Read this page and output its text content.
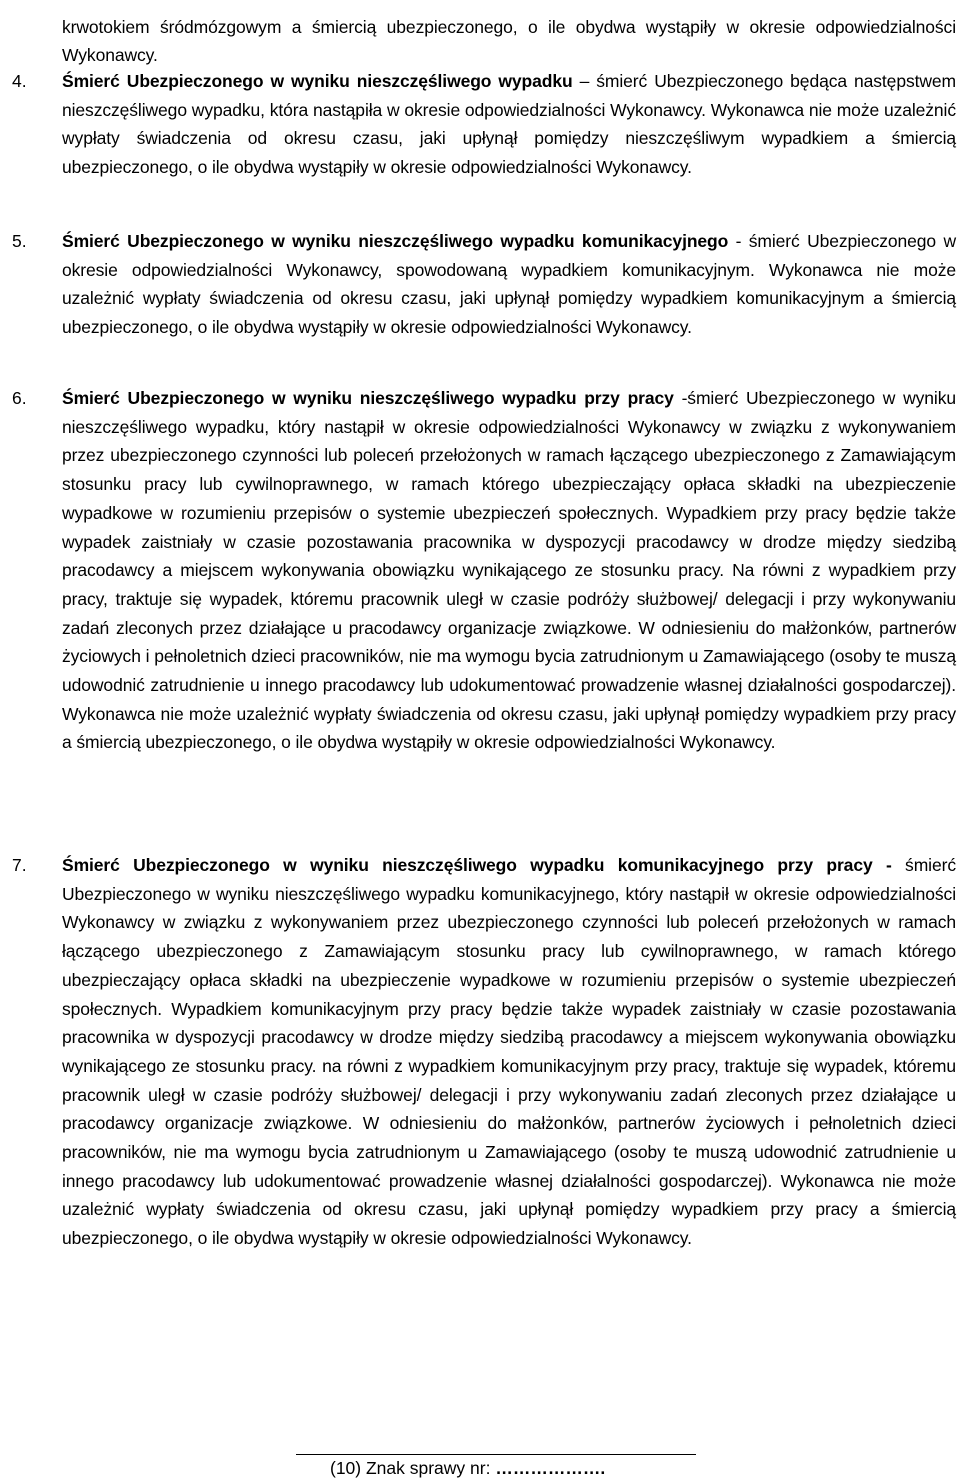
krwotokiem śródmózgowym a śmiercią ubezpieczonego, o ile obydwa wystąpiły w okresie odpowiedzialności Wykonawcy.

4. Śmierć Ubezpieczonego w wyniku nieszczęśliwego wypadku – śmierć Ubezpieczonego będąca następstwem nieszczęśliwego wypadku, która nastąpiła w okresie odpowiedzialności Wykonawcy. Wykonawca nie może uzależnić wypłaty świadczenia od okresu czasu, jaki upłynął pomiędzy nieszczęśliwym wypadkiem a śmiercią ubezpieczonego, o ile obydwa wystąpiły w okresie odpowiedzialności Wykonawcy.

5. Śmierć Ubezpieczonego w wyniku nieszczęśliwego wypadku komunikacyjnego - śmierć Ubezpieczonego w okresie odpowiedzialności Wykonawcy, spowodowaną wypadkiem komunikacyjnym. Wykonawca nie może uzależnić wypłaty świadczenia od okresu czasu, jaki upłynął pomiędzy wypadkiem komunikacyjnym a śmiercią ubezpieczonego, o ile obydwa wystąpiły w okresie odpowiedzialności Wykonawcy.

6. Śmierć Ubezpieczonego w wyniku nieszczęśliwego wypadku przy pracy -śmierć Ubezpieczonego w wyniku nieszczęśliwego wypadku, który nastąpił w okresie odpowiedzialności Wykonawcy w związku z wykonywaniem przez ubezpieczonego czynności lub poleceń przełożonych w ramach łączącego ubezpieczonego z Zamawiającym stosunku pracy lub cywilnoprawnego, w ramach którego ubezpieczający opłaca składki na ubezpieczenie wypadkowe w rozumieniu przepisów o systemie ubezpieczeń społecznych. Wypadkiem przy pracy będzie także wypadek zaistniały w czasie pozostawania pracownika w dyspozycji pracodawcy w drodze między siedzibą pracodawcy a miejscem wykonywania obowiązku wynikającego ze stosunku pracy. Na równi z wypadkiem przy pracy, traktuje się wypadek, któremu pracownik uległ w czasie podróży służbowej/ delegacji i przy wykonywaniu zadań zleconych przez działające u pracodawcy organizacje związkowe. W odniesieniu do małżonków, partnerów życiowych i pełnoletnich dzieci pracowników, nie ma wymogu bycia zatrudnionym u Zamawiającego (osoby te muszą udowodnić zatrudnienie u innego pracodawcy lub udokumentować prowadzenie własnej działalności gospodarczej). Wykonawca nie może uzależnić wypłaty świadczenia od okresu czasu, jaki upłynął pomiędzy wypadkiem przy pracy a śmiercią ubezpieczonego, o ile obydwa wystąpiły w okresie odpowiedzialności Wykonawcy.

7. Śmierć Ubezpieczonego w wyniku nieszczęśliwego wypadku komunikacyjnego przy pracy - śmierć Ubezpieczonego w wyniku nieszczęśliwego wypadku komunikacyjnego, który nastąpił w okresie odpowiedzialności Wykonawcy w związku z wykonywaniem przez ubezpieczonego czynności lub poleceń przełożonych w ramach łączącego ubezpieczonego z Zamawiającym stosunku pracy lub cywilnoprawnego, w ramach którego ubezpieczający opłaca składki na ubezpieczenie wypadkowe w rozumieniu przepisów o systemie ubezpieczeń społecznych. Wypadkiem komunikacyjnym przy pracy będzie także wypadek zaistniały w czasie pozostawania pracownika w dyspozycji pracodawcy w drodze między siedzibą pracodawcy a miejscem wykonywania obowiązku wynikającego ze stosunku pracy. na równi z wypadkiem komunikacyjnym przy pracy, traktuje się wypadek, któremu pracownik uległ w czasie podróży służbowej/ delegacji i przy wykonywaniu zadań zleconych przez działające u pracodawcy organizacje związkowe. W odniesieniu do małżonków, partnerów życiowych i pełnoletnich dzieci pracowników, nie ma wymogu bycia zatrudnionym u Zamawiającego (osoby te muszą udowodnić zatrudnienie u innego pracodawcy lub udokumentować prowadzenie własnej działalności gospodarczej). Wykonawca nie może uzależnić wypłaty świadczenia od okresu czasu, jaki upłynął pomiędzy wypadkiem przy pracy a śmiercią ubezpieczonego, o ile obydwa wystąpiły w okresie odpowiedzialności Wykonawcy.

(10) Znak sprawy nr: ……………….
